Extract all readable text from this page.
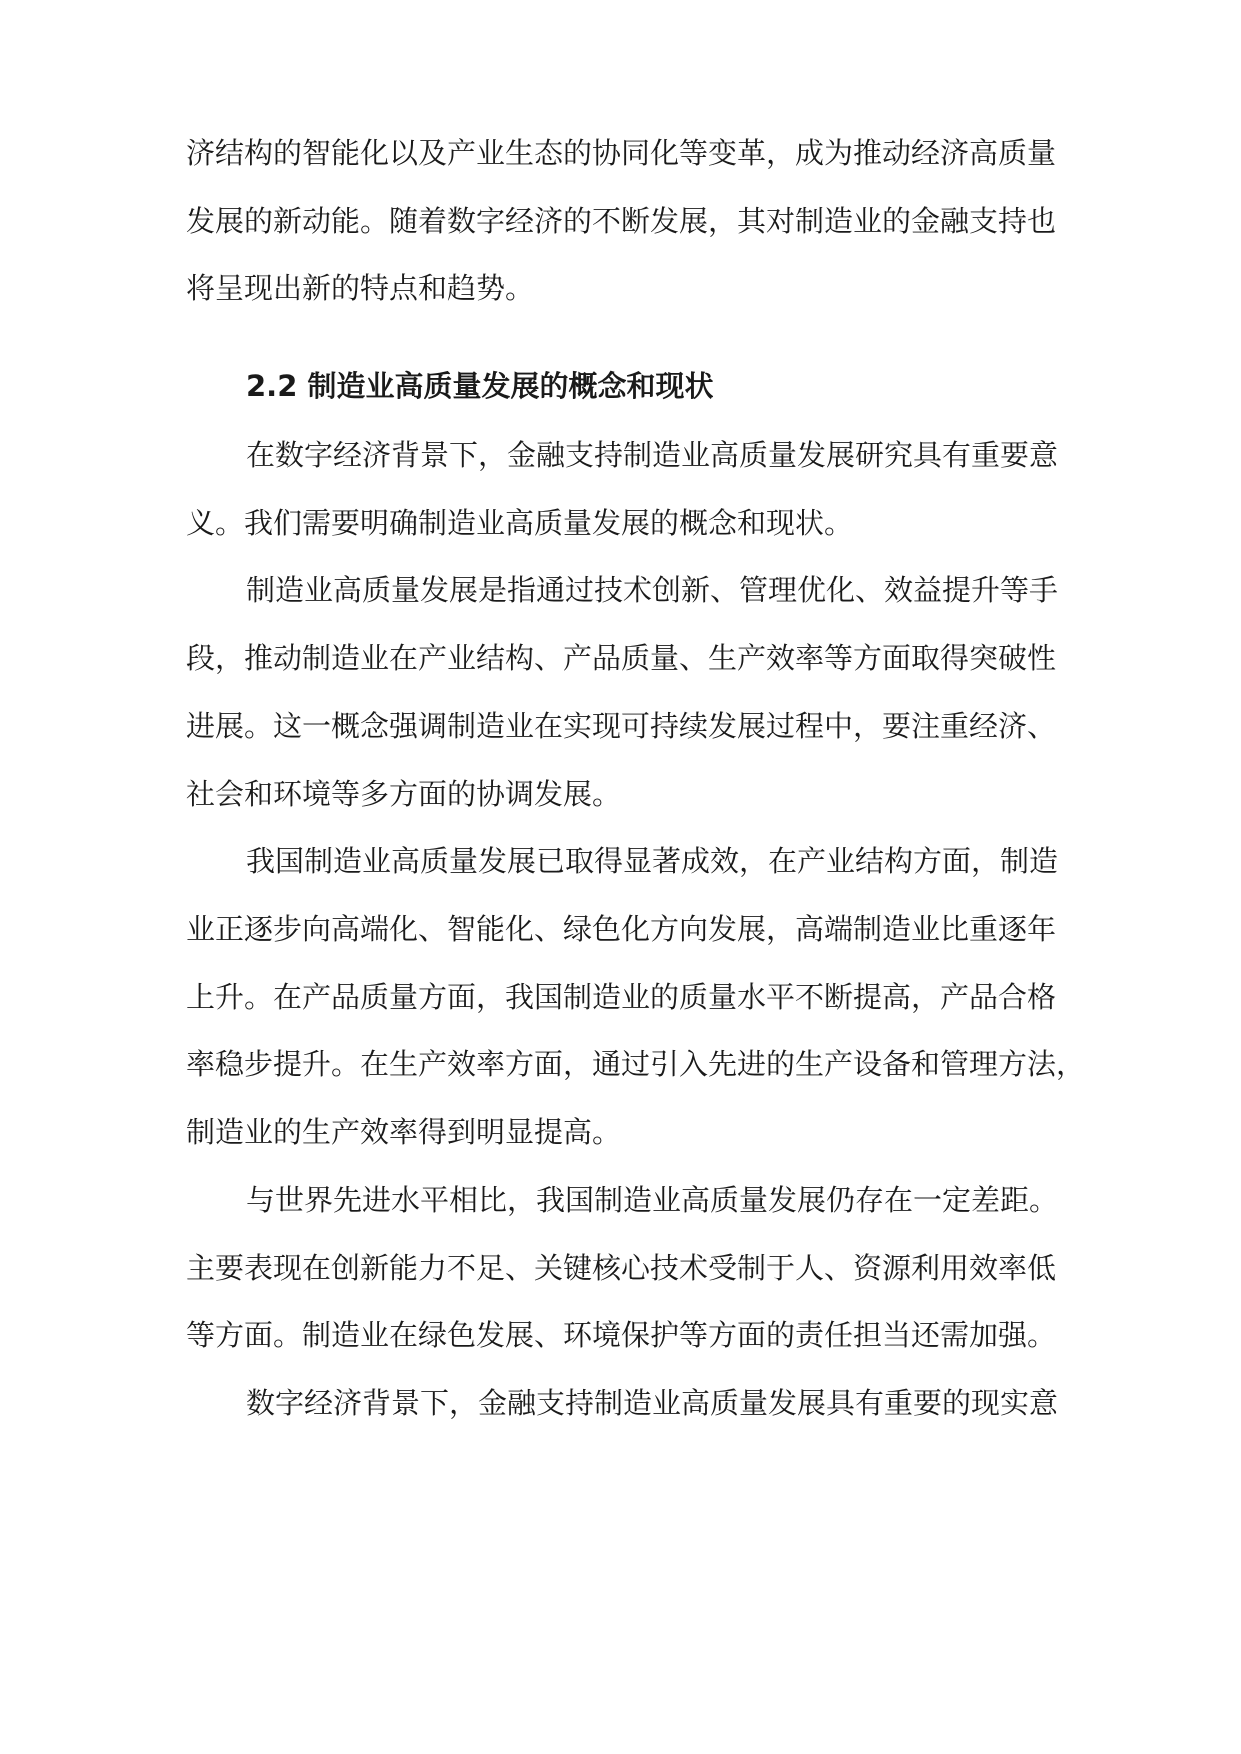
济结构的智能化以及产业生态的协同化等变革，成为推动经济高质量
发展的新动能。随着数字经济的不断发展，其对制造业的金融支持也
将呈现出新的特点和趋势。
2.2 制造业高质量发展的概念和现状
在数字经济背景下，金融支持制造业高质量发展研究具有重要意
义。我们需要明确制造业高质量发展的概念和现状。
制造业高质量发展是指通过技术创新、管理优化、效益提升等手
段，推动制造业在产业结构、产品质量、生产效率等方面取得突破性
进展。这一概念强调制造业在实现可持续发展过程中，要注重经济、
社会和环境等多方面的协调发展。
我国制造业高质量发展已取得显著成效，在产业结构方面，制造
业正逐步向高端化、智能化、绿色化方向发展，高端制造业比重逐年
上升。在产品质量方面，我国制造业的质量水平不断提高，产品合格
率稳步提升。在生产效率方面，通过引入先进的生产设备和管理方法，
制造业的生产效率得到明显提高。
与世界先进水平相比，我国制造业高质量发展仍存在一定差距。
主要表现在创新能力不足、关键核心技术受制于人、资源利用效率低
等方面。制造业在绿色发展、环境保护等方面的责任担当还需加强。
数字经济背景下，金融支持制造业高质量发展具有重要的现实意
